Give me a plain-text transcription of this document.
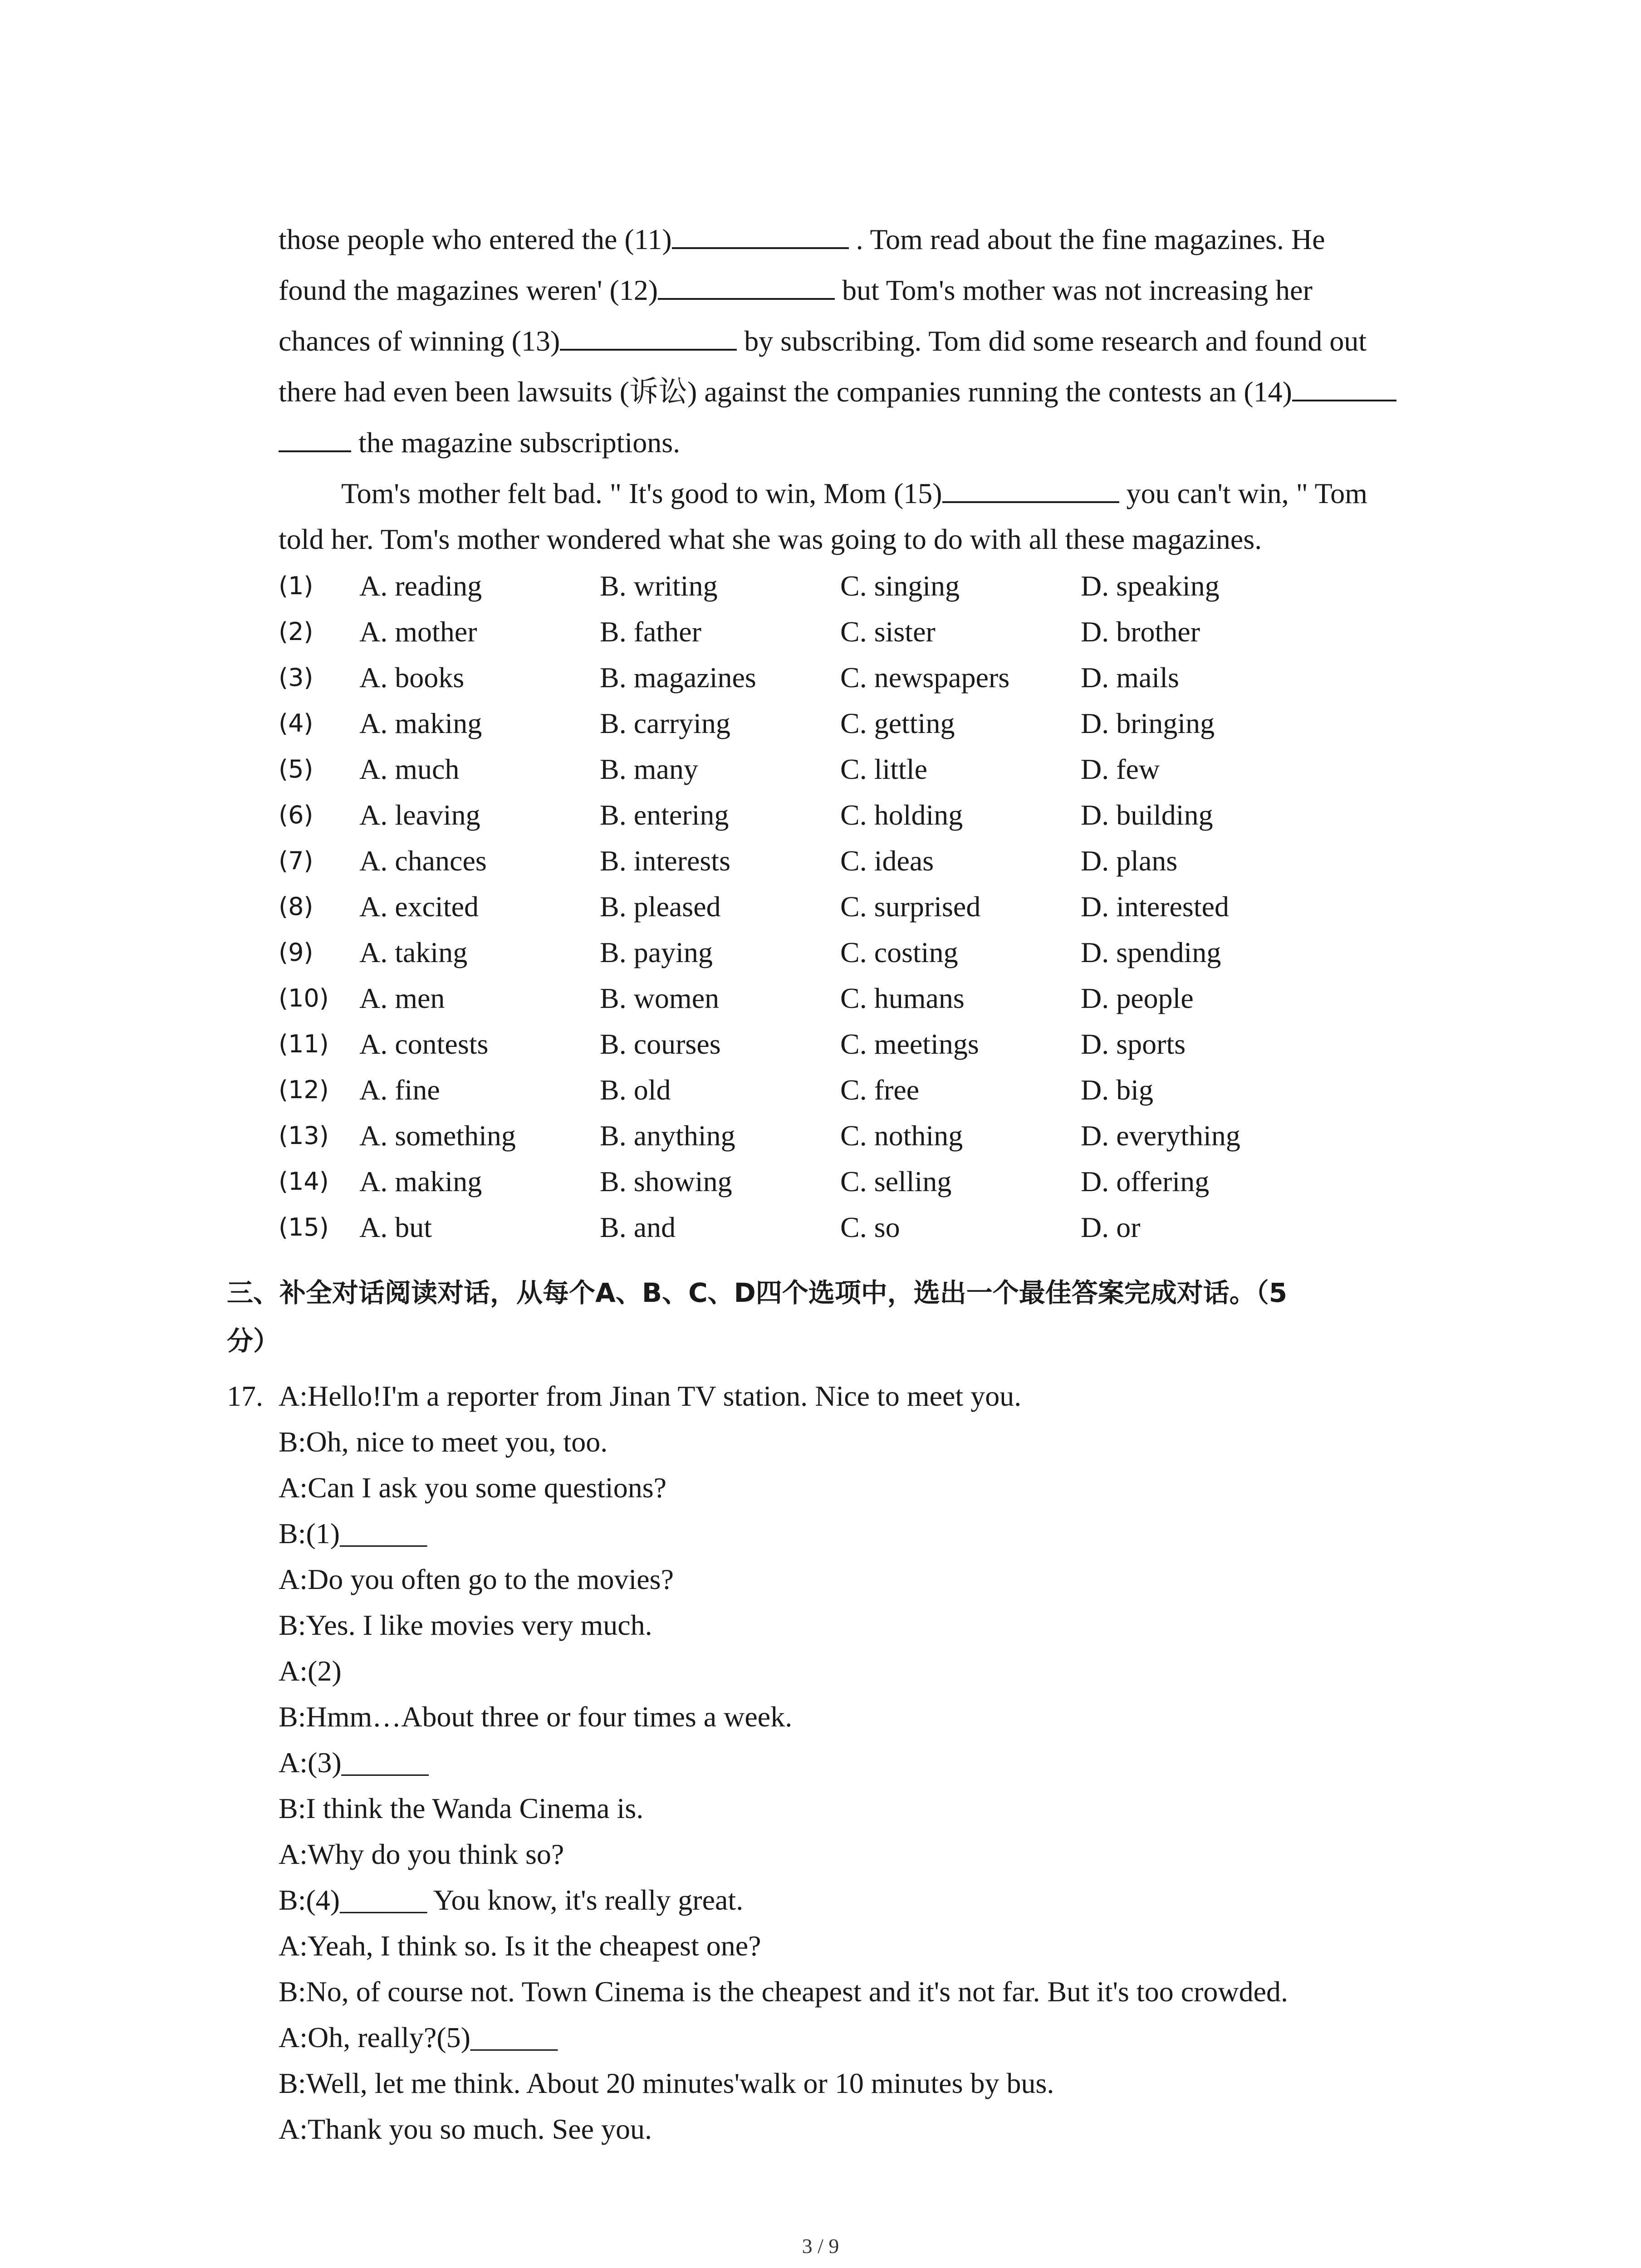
those people who entered the (11)	. Tom read about the fine magazines. He
found the magazines weren' (12)	but Tom's mother was not increasing her
chances of winning (13)	by subscribing. Tom did some research and found out
there had even been lawsuits (诉讼) against the companies running the contests an (14)
the magazine subscriptions.
Tom's mother felt bad. " It's good to win, Mom (15)	you can't win, " Tom
told her. Tom's mother wondered what she was going to do with all these magazines.
(1) A. reading	B. writing	C. singing	D. speaking
(2) A. mother	B. father	C. sister	D. brother
(3) A. books	B. magazines	C. newspapers D. mails
(4) A. making	B. carrying	C. getting	D. bringing
(5) A. much	B. many	C. little	D. few
(6) A. leaving	B. entering	C. holding	D. building
(7) A. chances	B. interests	C. ideas	D. plans
(8) A. excited	B. pleased	C. surprised	D. interested
(9) A. taking	B. paying	C. costing	D. spending
(10) A. men	B. women	C. humans	D. people
(11) A. contests	B. courses	C. meetings	D. sports
(12) A. fine	B. old	C. free	D. big
(13) A. something	B. anything	C. nothing	D. everything
(14) A. making	B. showing	C. selling	D. offering
(15) A. but	B. and	C. so	D. or
三、补全对话阅读对话，从每个A、B、C、D四个选项中，选出一个最佳答案完成对话。（5
分）
17. A:Hello!I'm a reporter from Jinan TV station. Nice to meet you.
B:Oh, nice to meet you, too.
A:Can I ask you some questions?
B:(1)______
A:Do you often go to the movies?
B:Yes. I like movies very much.
A:(2)
B:Hmm…About three or four times a week.
A:(3)______
B:I think the Wanda Cinema is.
A:Why do you think so?
B:(4)______ You know, it's really great.
A:Yeah, I think so. Is it the cheapest one?
B:No, of course not. Town Cinema is the cheapest and it's not far. But it's too crowded.
A:Oh, really?(5)______
B:Well, let me think. About 20 minutes'walk or 10 minutes by bus.
A:Thank you so much. See you.
3 / 9
